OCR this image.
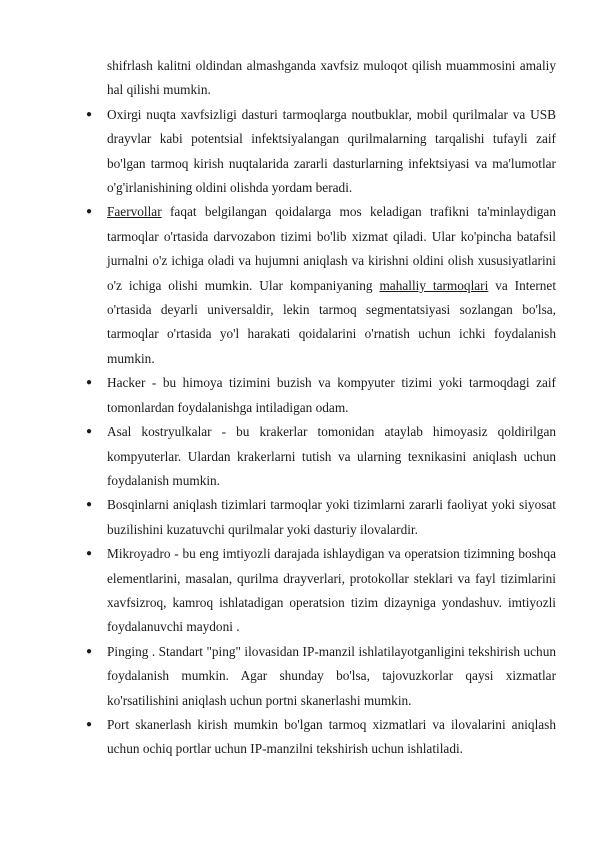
shifrlash kalitni oldindan almashganda xavfsiz muloqot qilish muammosini amaliy hal qilishi mumkin.

● Oxirgi nuqta xavfsizligi dasturi tarmoqlarga noutbuklar, mobil qurilmalar va USB drayvlar kabi potentsial infektsiyalangan qurilmalarning tarqalishi tufayli zaif bo'lgan tarmoq kirish nuqtalarida zararli dasturlarning infektsiyasi va ma'lumotlar o'g'irlanishining oldini olishda yordam beradi.
● Faervollar faqat belgilangan qoidalarga mos keladigan trafikni ta'minlaydigan tarmoqlar o'rtasida darvozabon tizimi bo'lib xizmat qiladi. Ular ko'pincha batafsil jurnalni o'z ichiga oladi va hujumni aniqlash va kirishni oldini olish xususiyatlarini o'z ichiga olishi mumkin. Ular kompaniyaning mahalliy tarmoqlari va Internet o'rtasida deyarli universaldir, lekin tarmoq segmentatsiyasi sozlangan bo'lsa, tarmoqlar o'rtasida yo'l harakati qoidalarini o'rnatish uchun ichki foydalanish mumkin.
● Hacker - bu himoya tizimini buzish va kompyuter tizimi yoki tarmoqdagi zaif tomonlardan foydalanishga intiladigan odam.
● Asal kostryulkalar - bu krakerlar tomonidan ataylab himoyasiz qoldirilgan kompyuterlar. Ulardan krakerlarni tutish va ularning texnikasini aniqlash uchun foydalanish mumkin.
● Bosqinlarni aniqlash tizimlari tarmoqlar yoki tizimlarni zararli faoliyat yoki siyosat buzilishini kuzatuvchi qurilmalar yoki dasturiy ilovalardir.
● Mikroyadro - bu eng imtiyozli darajada ishlaydigan va operatsion tizimning boshqa elementlarini, masalan, qurilma drayverlari, protokollar steklari va fayl tizimlarini xavfsizroq, kamroq ishlatadigan operatsion tizim dizayniga yondashuv. imtiyozli foydalanuvchi maydoni .
● Pinging . Standart "ping" ilovasidan IP-manzil ishlatilayotganligini tekshirish uchun foydalanish mumkin. Agar shunday bo'lsa, tajovuzkorlar qaysi xizmatlar ko'rsatilishini aniqlash uchun portni skanerlashi mumkin.
● Port skanerlash kirish mumkin bo'lgan tarmoq xizmatlari va ilovalarini aniqlash uchun ochiq portlar uchun IP-manzilni tekshirish uchun ishlatiladi.
